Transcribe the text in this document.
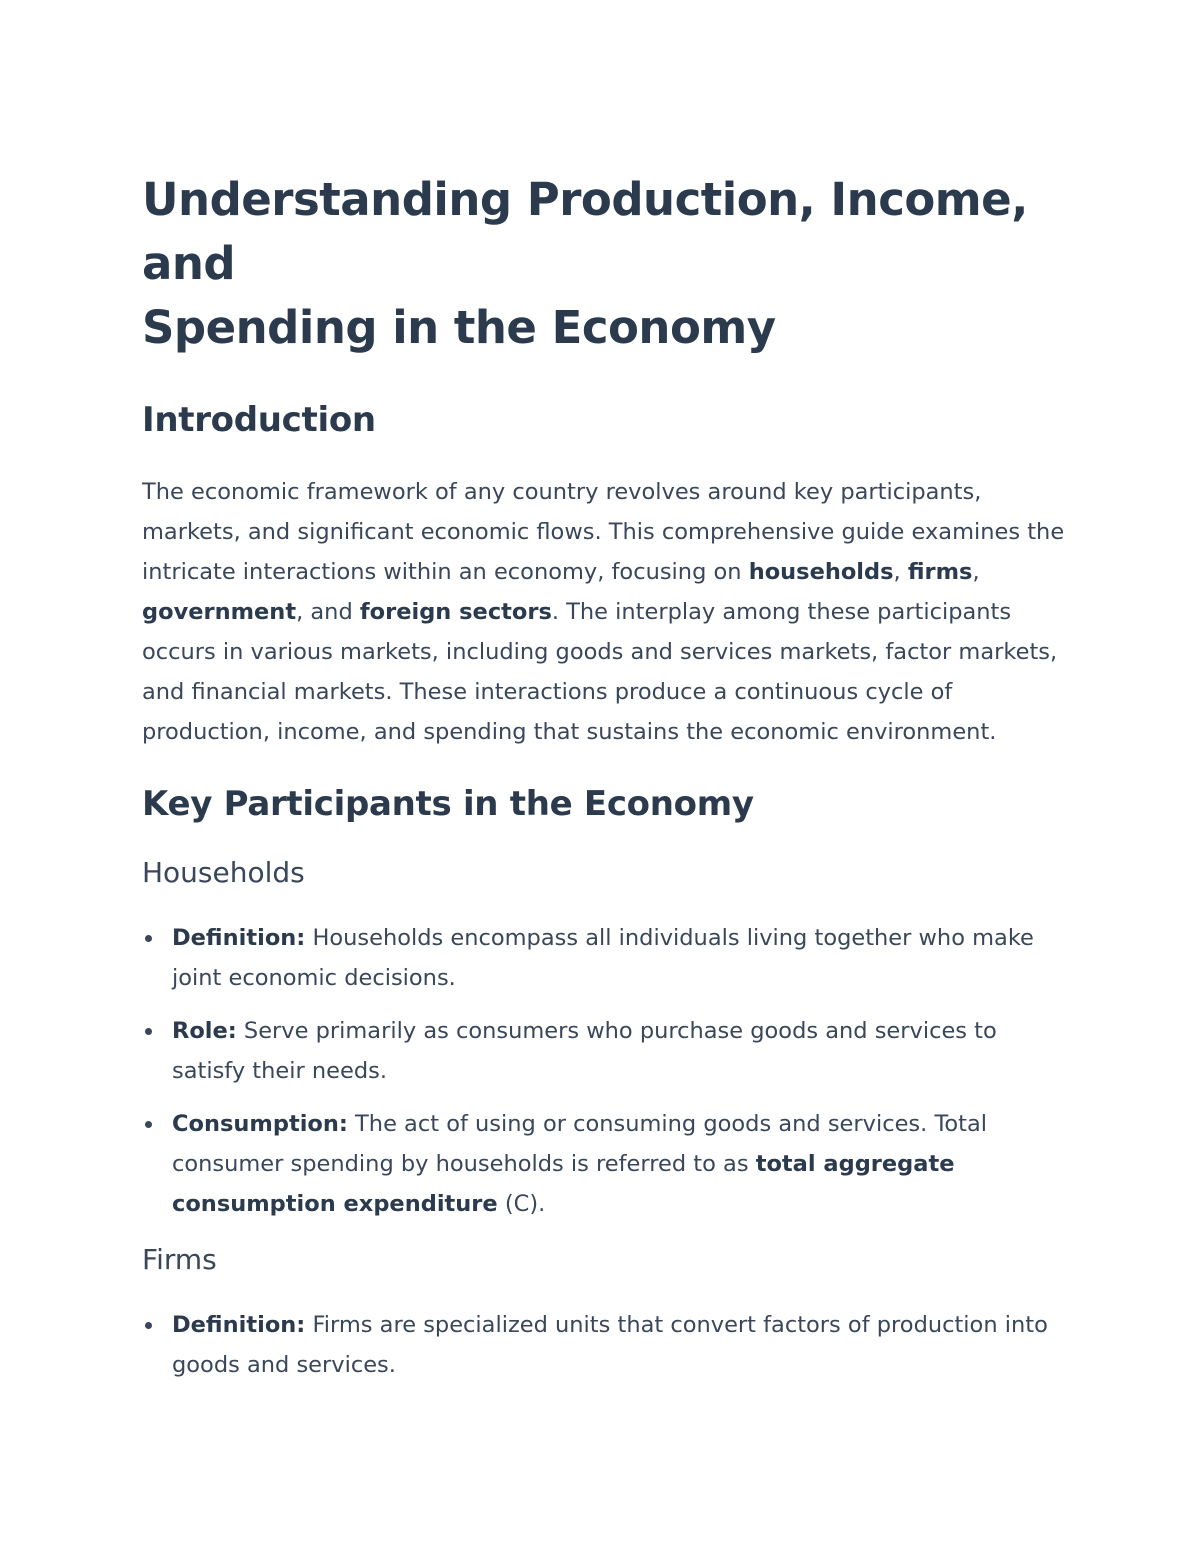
Understanding Production, Income, and
Spending in the Economy
Introduction

The economic framework of any country revolves around key participants, markets, and significant economic flows. This comprehensive guide examines the intricate interactions within an economy, focusing on households, firms, government, and foreign sectors. The interplay among these participants occurs in various markets, including goods and services markets, factor markets, and financial markets. These interactions produce a continuous cycle of production, income, and spending that sustains the economic environment.

Key Participants in the Economy
Households
Definition: Households encompass all individuals living together who make joint economic decisions.
Role: Serve primarily as consumers who purchase goods and services to satisfy their needs.
Consumption: The act of using or consuming goods and services. Total consumer spending by households is referred to as total aggregate consumption expenditure (C).
Firms
Definition: Firms are specialized units that convert factors of production into goods and services.
